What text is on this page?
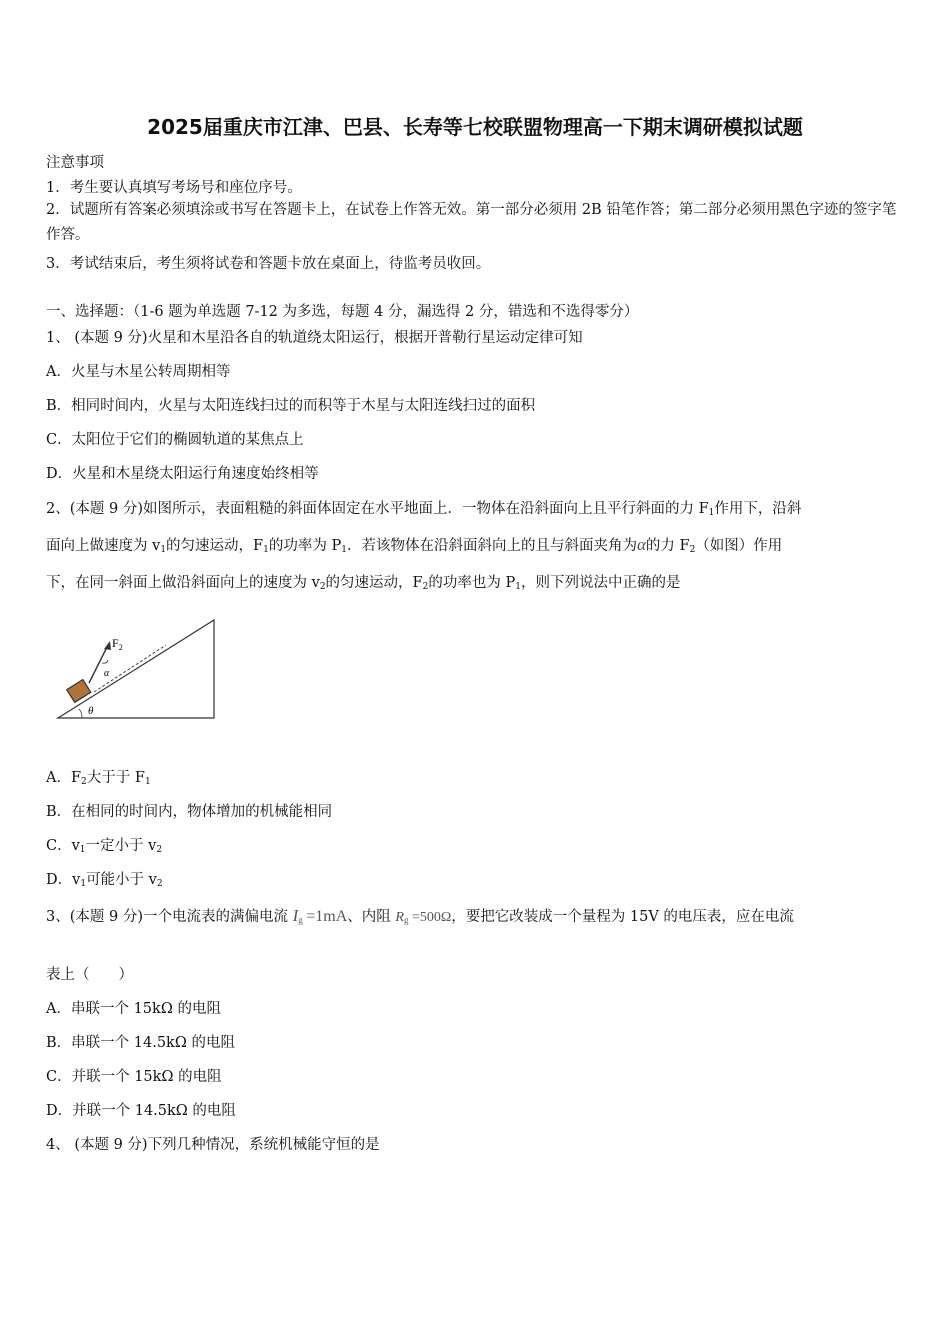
2025届重庆市江津、巴县、长寿等七校联盟物理高一下期末调研模拟试题
注意事项
1．考生要认真填写考场号和座位序号。
2．试题所有答案必须填涂或书写在答题卡上，在试卷上作答无效。第一部分必须用 2B 铅笔作答；第二部分必须用黑色字迹的签字笔作答。
3．考试结束后，考生须将试卷和答题卡放在桌面上，待监考员收回。
一、选择题：（1-6 题为单选题 7-12 为多选，每题 4 分，漏选得 2 分，错选和不选得零分）
1、 (本题 9 分)火星和木星沿各自的轨道绕太阳运行，根据开普勒行星运动定律可知
A．火星与木星公转周期相等
B．相同时间内，火星与太阳连线扫过的而积等于木星与太阳连线扫过的面积
C．太阳位于它们的椭圆轨道的某焦点上
D．火星和木星绕太阳运行角速度始终相等
2、(本题 9 分)如图所示，表面粗糙的斜面体固定在水平地面上．一物体在沿斜面向上且平行斜面的力 $F_1$作用下，沿斜
面向上做速度为 $v_1$的匀速运动，$F_1$的功率为 $P_1$．若该物体在沿斜面斜向上的且与斜面夹角为α的力 $F_2$（如图）作用
下，在同一斜面上做沿斜面向上的速度为 $v_2$的匀速运动，$F_2$的功率也为 $P_1$，则下列说法中正确的是
$F_2$
α
θ
A．$F_2$大于于 $F_1$
B．在相同的时间内，物体增加的机械能相同
C．$v_1$一定小于 $v_2$
D．$v_1$可能小于 $v_2$
3、(本题 9 分)一个电流表的满偏电流 $I_g =1mA$、内阻 $R_g =500\Omega$，要把它改装成一个量程为 15V 的电压表，应在电流
表上（　　）
A．串联一个 15kΩ 的电阻
B．串联一个 14.5kΩ 的电阻
C．并联一个 15kΩ 的电阻
D．并联一个 14.5kΩ 的电阻
4、 (本题 9 分)下列几种情况，系统机械能守恒的是
